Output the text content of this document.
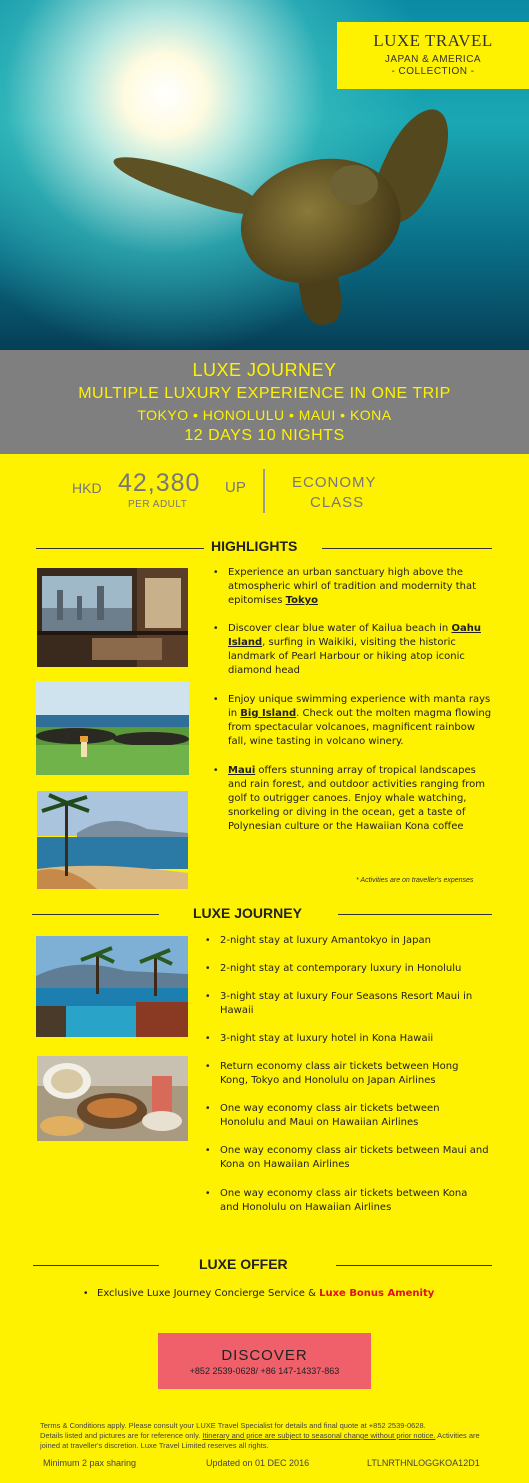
LUXE TRAVEL
JAPAN & AMERICA
- COLLECTION -
LUXE JOURNEY
MULTIPLE LUXURY EXPERIENCE IN ONE TRIP
TOKYO • HONOLULU • MAUI • KONA
12 DAYS 10 NIGHTS
HKD 42,380 UP
PER ADULT
ECONOMY
CLASS
HIGHLIGHTS
• Experience an urban sanctuary high above the atmospheric whirl of tradition and modernity that epitomises Tokyo
• Discover clear blue water of Kailua beach in Oahu Island, surfing in Waikiki, visiting the historic landmark of Pearl Harbour or hiking atop iconic diamond head
• Enjoy unique swimming experience with manta rays in Big Island. Check out the molten magma flowing from spectacular volcanoes, magnificent rainbow fall, wine tasting in volcano winery.
• Maui offers stunning array of tropical landscapes and rain forest, and outdoor activities ranging from golf to outrigger canoes. Enjoy whale watching, snorkeling or diving in the ocean, get a taste of Polynesian culture or the Hawaiian Kona coffee
* Activities are on traveller's expenses
LUXE JOURNEY
• 2-night stay at luxury Amantokyo in Japan
• 2-night stay at contemporary luxury in Honolulu
• 3-night stay at luxury Four Seasons Resort Maui in Hawaii
• 3-night stay at luxury hotel in Kona Hawaii
• Return economy class air tickets between Hong Kong, Tokyo and Honolulu on Japan Airlines
• One way economy class air tickets between Honolulu and Maui on Hawaiian Airlines
• One way economy class air tickets between Maui and Kona on Hawaiian Airlines
• One way economy class air tickets between Kona and Honolulu on Hawaiian Airlines
LUXE OFFER
• Exclusive Luxe Journey Concierge Service & Luxe Bonus Amenity
DISCOVER
+852 2539-0628/ +86 147-14337-863
Terms & Conditions apply. Please consult your LUXE Travel Specialist for details and final quote at +852 2539-0628.
Details listed and pictures are for reference only. Itinerary and price are subject to seasonal change without prior notice. Activities are joined at traveller's discretion. Luxe Travel Limited reserves all rights.
Minimum 2 pax sharing	Updated on 01 DEC 2016	LTLNRTHNLOGGKOA12D1
